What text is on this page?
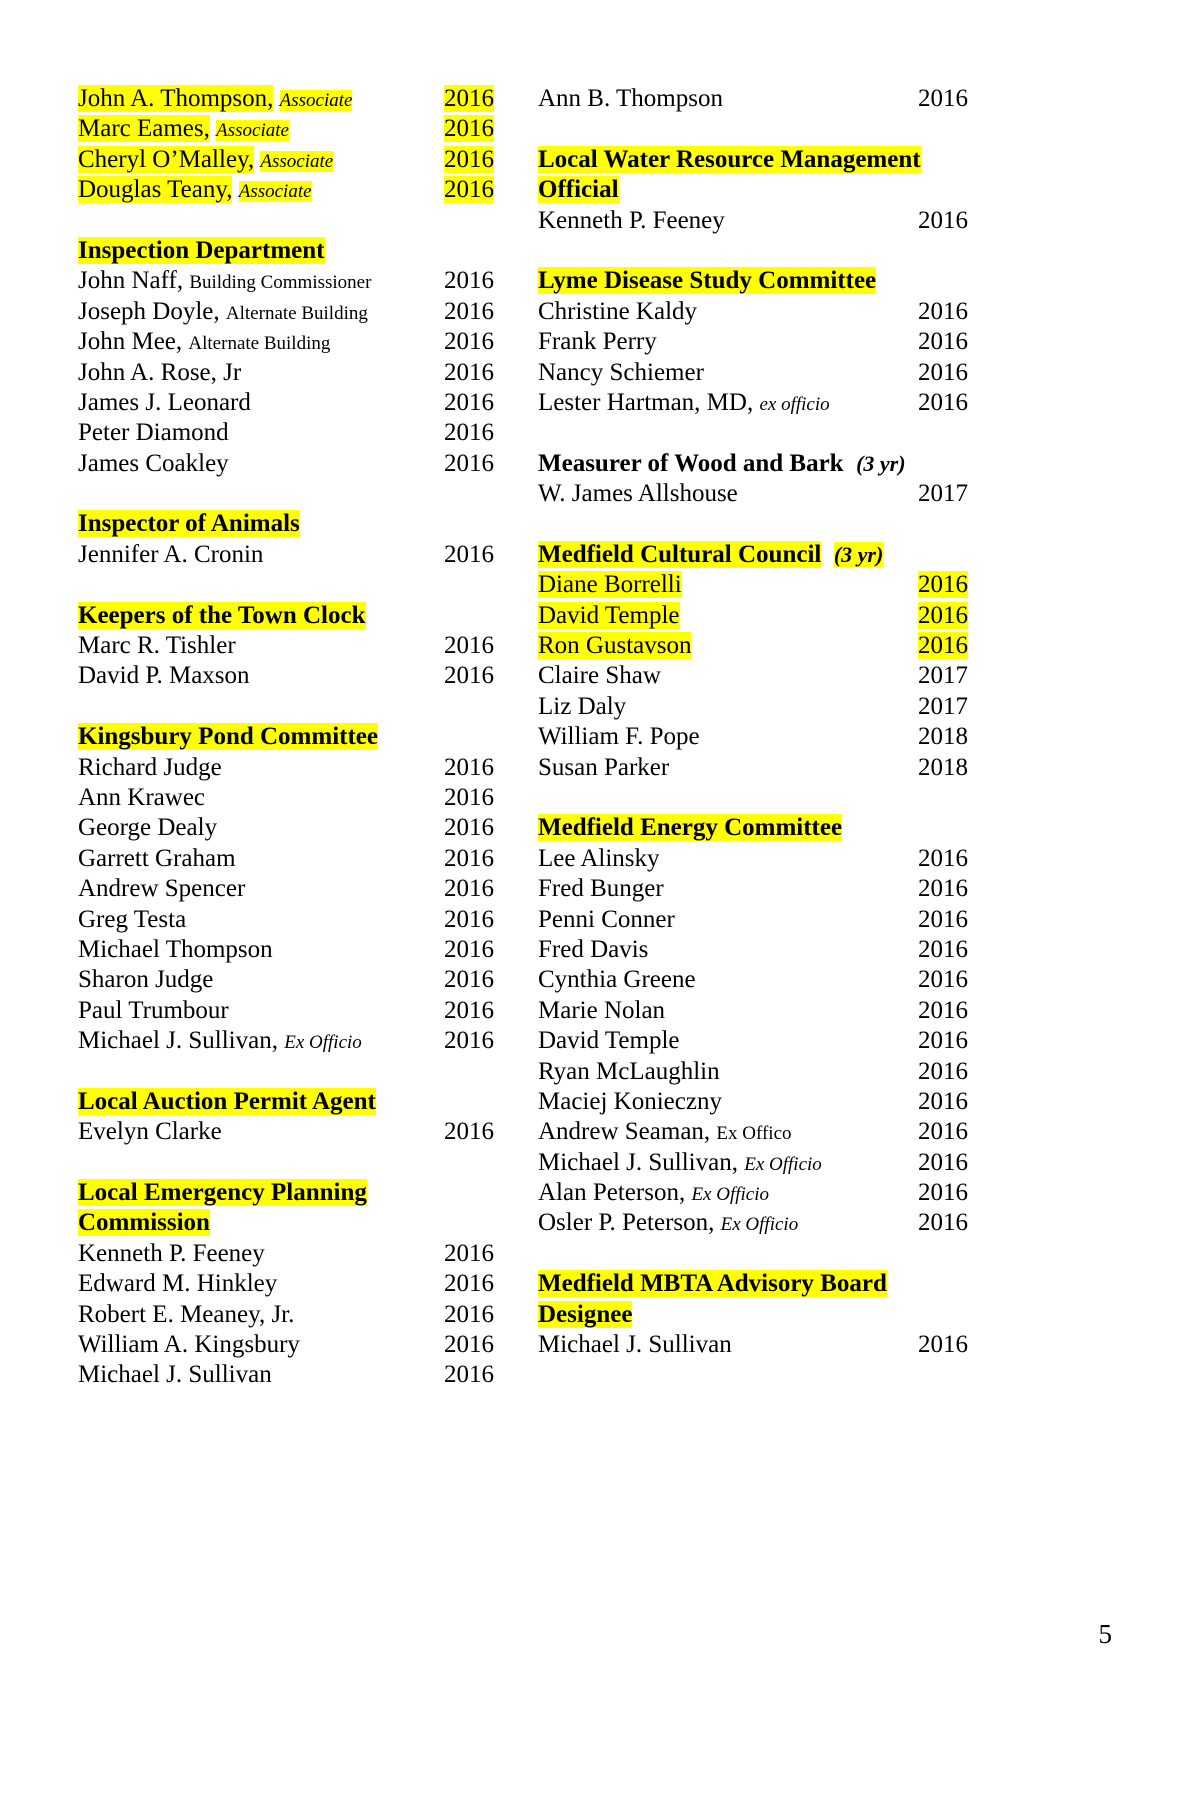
John A. Thompson, Associate	2016
Marc Eames, Associate	2016
Cheryl O’Malley, Associate	2016
Douglas Teany, Associate	2016
Inspection Department
John Naff, Building Commissioner	2016
Joseph Doyle, Alternate Building	2016
John Mee, Alternate Building	2016
John A. Rose, Jr	2016
James J. Leonard	2016
Peter Diamond	2016
James Coakley	2016
Inspector of Animals
Jennifer A. Cronin	2016
Keepers of the Town Clock
Marc R. Tishler	2016
David P. Maxson	2016
Kingsbury Pond Committee
Richard Judge	2016
Ann Krawec	2016
George Dealy	2016
Garrett Graham	2016
Andrew Spencer	2016
Greg Testa	2016
Michael Thompson	2016
Sharon Judge	2016
Paul Trumbour	2016
Michael J. Sullivan, Ex Officio	2016
Local Auction Permit Agent
Evelyn Clarke	2016
Local Emergency Planning
Commission
Kenneth P. Feeney	2016
Edward M. Hinkley	2016
Robert E. Meaney, Jr.	2016
William A. Kingsbury	2016
Michael J. Sullivan	2016
Ann B. Thompson	2016
Local Water Resource Management
Official
Kenneth P. Feeney	2016
Lyme Disease Study Committee
Christine Kaldy	2016
Frank Perry	2016
Nancy Schiemer	2016
Lester Hartman, MD, ex officio	2016
Measurer of Wood and Bark (3 yr)
W. James Allshouse	2017
Medfield Cultural Council (3 yr)
Diane Borrelli	2016
David Temple	2016
Ron Gustavson	2016
Claire Shaw	2017
Liz Daly	2017
William F. Pope	2018
Susan Parker	2018
Medfield Energy Committee
Lee Alinsky	2016
Fred Bunger	2016
Penni Conner	2016
Fred Davis	2016
Cynthia Greene	2016
Marie Nolan	2016
David Temple	2016
Ryan McLaughlin	2016
Maciej Konieczny	2016
Andrew Seaman, Ex Offico	2016
Michael J. Sullivan, Ex Officio	2016
Alan Peterson, Ex Officio	2016
Osler P. Peterson, Ex Officio	2016
Medfield MBTA Advisory Board
Designee
Michael J. Sullivan	2016
5
